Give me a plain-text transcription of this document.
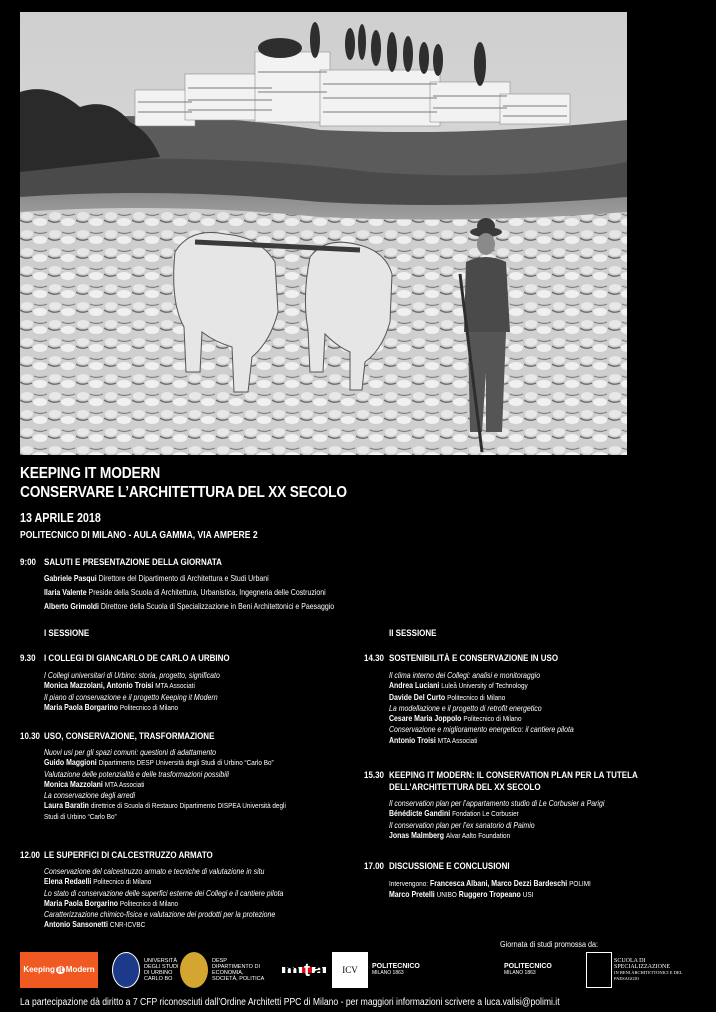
KEEPING IT MODERN
CONSERVARE L’ARCHITETTURA DEL XX SECOLO
13 APRILE 2018
POLITECNICO DI MILANO - AULA GAMMA, VIA AMPERE 2
9:00 SALUTI E PRESENTAZIONE DELLA GIORNATA
Gabriele Pasqui Direttore del Dipartimento di Architettura e Studi Urbani
Ilaria Valente Preside della Scuola di Architettura, Urbanistica, Ingegneria delle Costruzioni
Alberto Grimoldi Direttore della Scuola di Specializzazione in Beni Architettonici e Paesaggio
I SESSIONE	II SESSIONE
9.30 I COLLEGI DI GIANCARLO DE CARLO A URBINO
I Collegi universitari di Urbino: storia, progetto, significato
Monica Mazzolani, Antonio Troisi MTA Associati
Il piano di conservazione e il progetto Keeping it Modern
Maria Paola Borgarino Politecnico di Milano
10.30 USO, CONSERVAZIONE, TRASFORMAZIONE
Nuovi usi per gli spazi comuni: questioni di adattamento
Guido Maggioni Dipartimento DESP Università degli Studi di Urbino “Carlo Bo”
Valutazione delle potenzialità e delle trasformazioni possibili
Monica Mazzolani MTA Associati
La conservazione degli arredi
Laura Baratin direttrice di Scuola di Restauro Dipartimento DISPEA Università degli
Studi di Urbino “Carlo Bo”
12.00 LE SUPERFICI DI CALCESTRUZZO ARMATO
Conservazione del calcestruzzo armato e tecniche di valutazione in situ
Elena Redaelli Politecnico di Milano
Lo stato di conservazione delle superfici esterne dei Collegi e il cantiere pilota
Maria Paola Borgarino Politecnico di Milano
Caratterizzazione chimico-fisica e valutazione dei prodotti per la protezione
Antonio Sansonetti CNR-ICVBC
14.30 SOSTENIBILITÀ E CONSERVAZIONE IN USO
Il clima interno dei Collegi: analisi e monitoraggio
Andrea Luciani Luleå University of Technology
Davide Del Curto Politecnico di Milano
La modellazione e il progetto di retrofit energetico
Cesare Maria Joppolo Politecnico di Milano
Conservazione e miglioramento energetico: il cantiere pilota
Antonio Troisi MTA Associati
15.30 KEEPING IT MODERN: IL CONSERVATION PLAN PER LA TUTELA
DELL’ARCHITETTURA DEL XX SECOLO
Il conservation plan per l’appartamento studio di Le Corbusier a Parigi
Bénédicte Gandini Fondation Le Corbusier
Il conservation plan per l’ex sanatorio di Paimio
Jonas Malmberg Alvar Aalto Foundation
17.00 DISCUSSIONE E CONCLUSIONI
Intervengono: Francesca Albani, Marco Dezzi Bardeschi POLIMI
Marco Pretelli UNIBO Ruggero Tropeano USI
Giornata di studi promossa da:
Keeping it Modern
UNIVERSITÀ DEGLI STUDI DI URBINO CARLO BO
DESP DIPARTIMENTO DI ECONOMIA, SOCIETÀ, POLITICA m t a	ICV	POLITECNICO
MILANO 1863
POLITECNICO
MILANO 1863
SCUOLA DI SPECIALIZZAZIONE
IN BENI ARCHITETTONICI E DEL PAESAGGIO
La partecipazione dà diritto a 7 CFP riconosciuti dall’Ordine Architetti PPC di Milano - per maggiori informazioni scrivere a luca.valisi@polimi.it
